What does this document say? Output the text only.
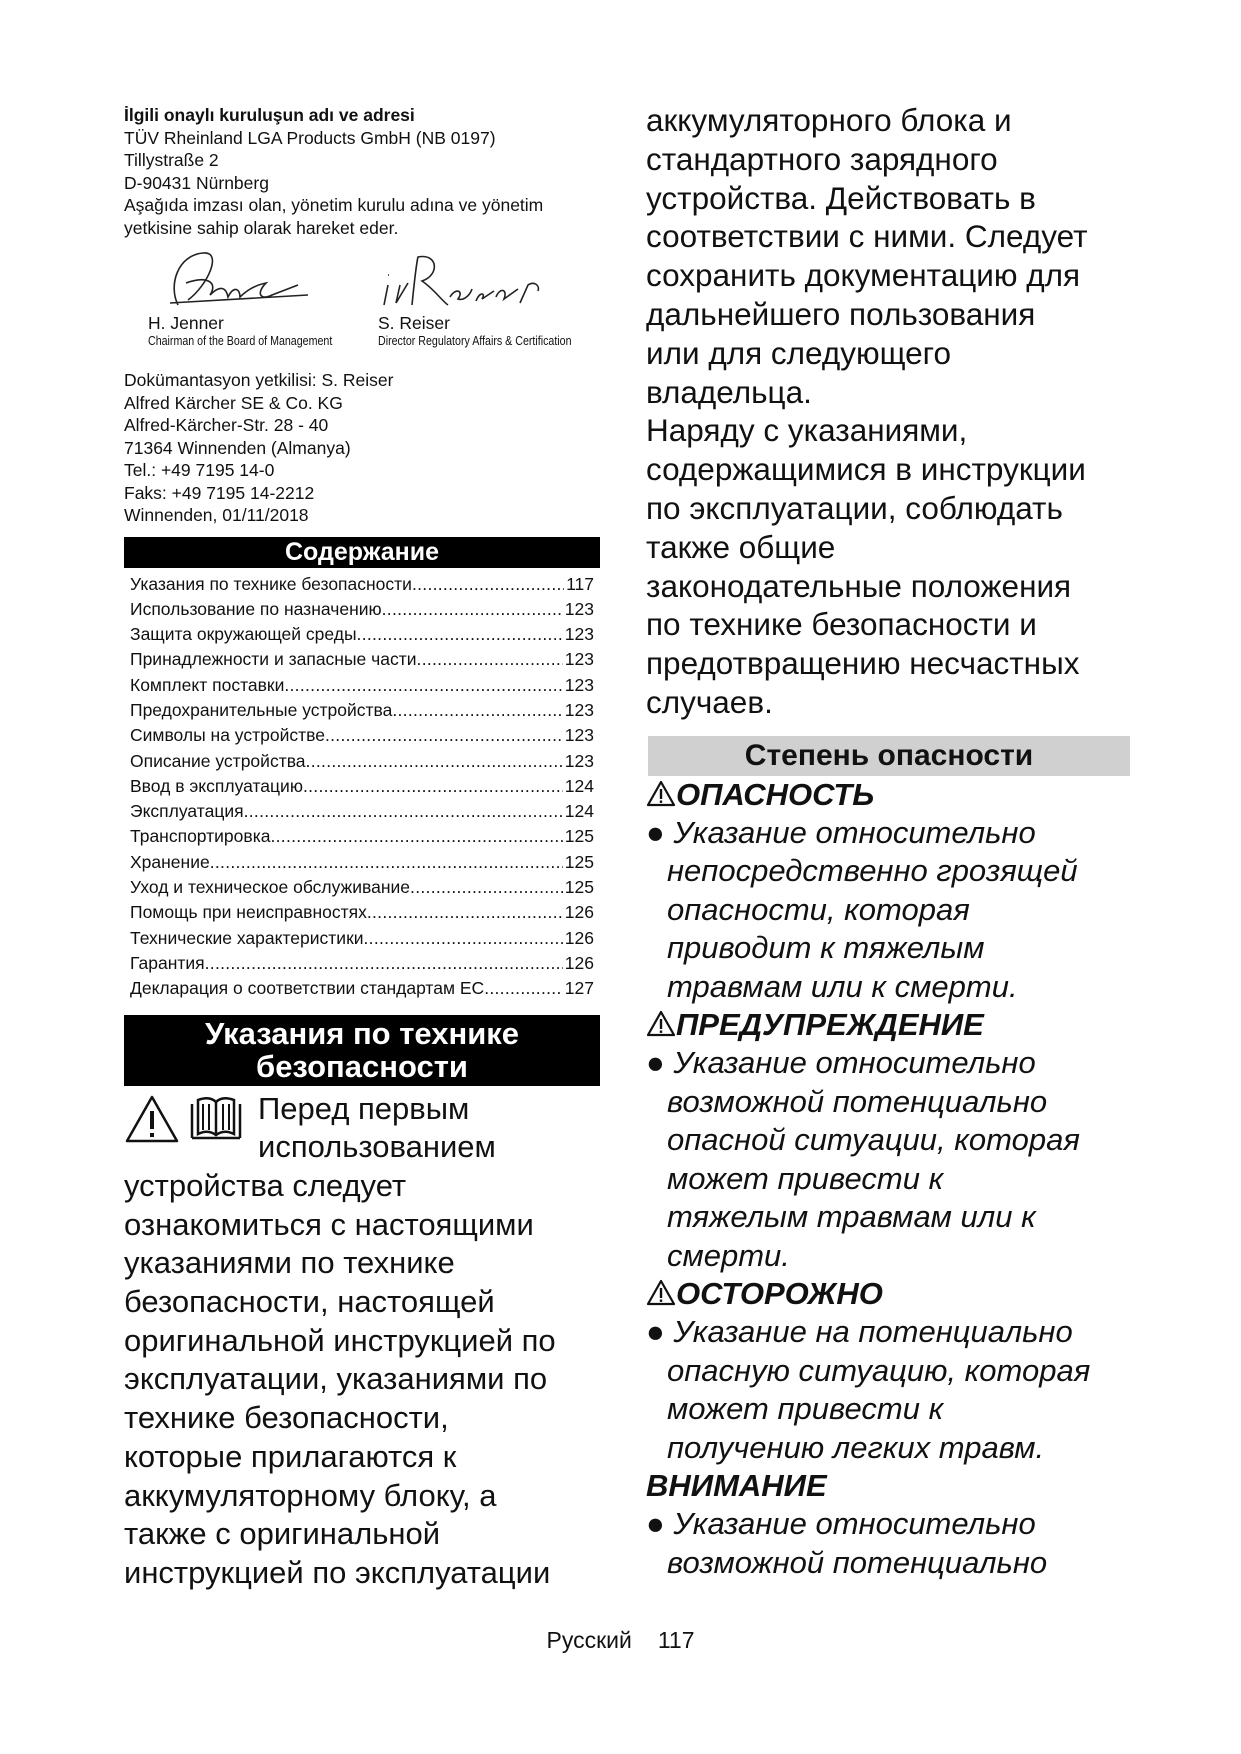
İlgili onaylı kuruluşun adı ve adresi
TÜV Rheinland LGA Products GmbH (NB 0197)
Tillystraße 2
D-90431 Nürnberg
Aşağıda imzası olan, yönetim kurulu adına ve yönetim
yetkisine sahip olarak hareket eder.
H. Jenner
Chairman of the Board of Management
S. Reiser
Director Regulatory Affairs & Certification
Dokümantasyon yetkilisi: S. Reiser
Alfred Kärcher SE & Co. KG
Alfred-Kärcher-Str. 28 - 40
71364 Winnenden (Almanya)
Tel.: +49 7195 14-0
Faks: +49 7195 14-2212
Winnenden, 01/11/2018
Содержание
Указания по технике безопасности .....	117
Использование по назначению .....	123
Защита окружающей среды .....	123
Принадлежности и запасные части .....	123
Комплект поставки .....	123
Предохранительные устройства .....	123
Символы на устройстве .....	123
Описание устройства .....	123
Ввод в эксплуатацию .....	124
Эксплуатация .....	124
Транспортировка .....	125
Хранение .....	125
Уход и техническое обслуживание .....	125
Помощь при неисправностях .....	126
Технические характеристики .....	126
Гарантия .....	126
Декларация о соответствии стандартам ЕС .....	127
Указания по технике
безопасности
Перед первым
использованием
устройства следует
ознакомиться с настоящими
указаниями по технике
безопасности, настоящей
оригинальной инструкцией по
эксплуатации, указаниями по
технике безопасности,
которые прилагаются к
аккумуляторному блоку, а
также с оригинальной
инструкцией по эксплуатации
аккумуляторного блока и
стандартного зарядного
устройства. Действовать в
соответствии с ними. Следует
сохранить документацию для
дальнейшего пользования
или для следующего
владельца.
Наряду с указаниями,
содержащимися в инструкции
по эксплуатации, соблюдать
также общие
законодательные положения
по технике безопасности и
предотвращению несчастных
случаев.
Степень опасности
ОПАСНОСТЬ
● Указание относительно
непосредственно грозящей
опасности, которая
приводит к тяжелым
травмам или к смерти.
ПРЕДУПРЕЖДЕНИЕ
● Указание относительно
возможной потенциально
опасной ситуации, которая
может привести к
тяжелым травмам или к
смерти.
ОСТОРОЖНО
● Указание на потенциально
опасную ситуацию, которая
может привести к
получению легких травм.
ВНИМАНИЕ
● Указание относительно
возможной потенциально
Русский 117
